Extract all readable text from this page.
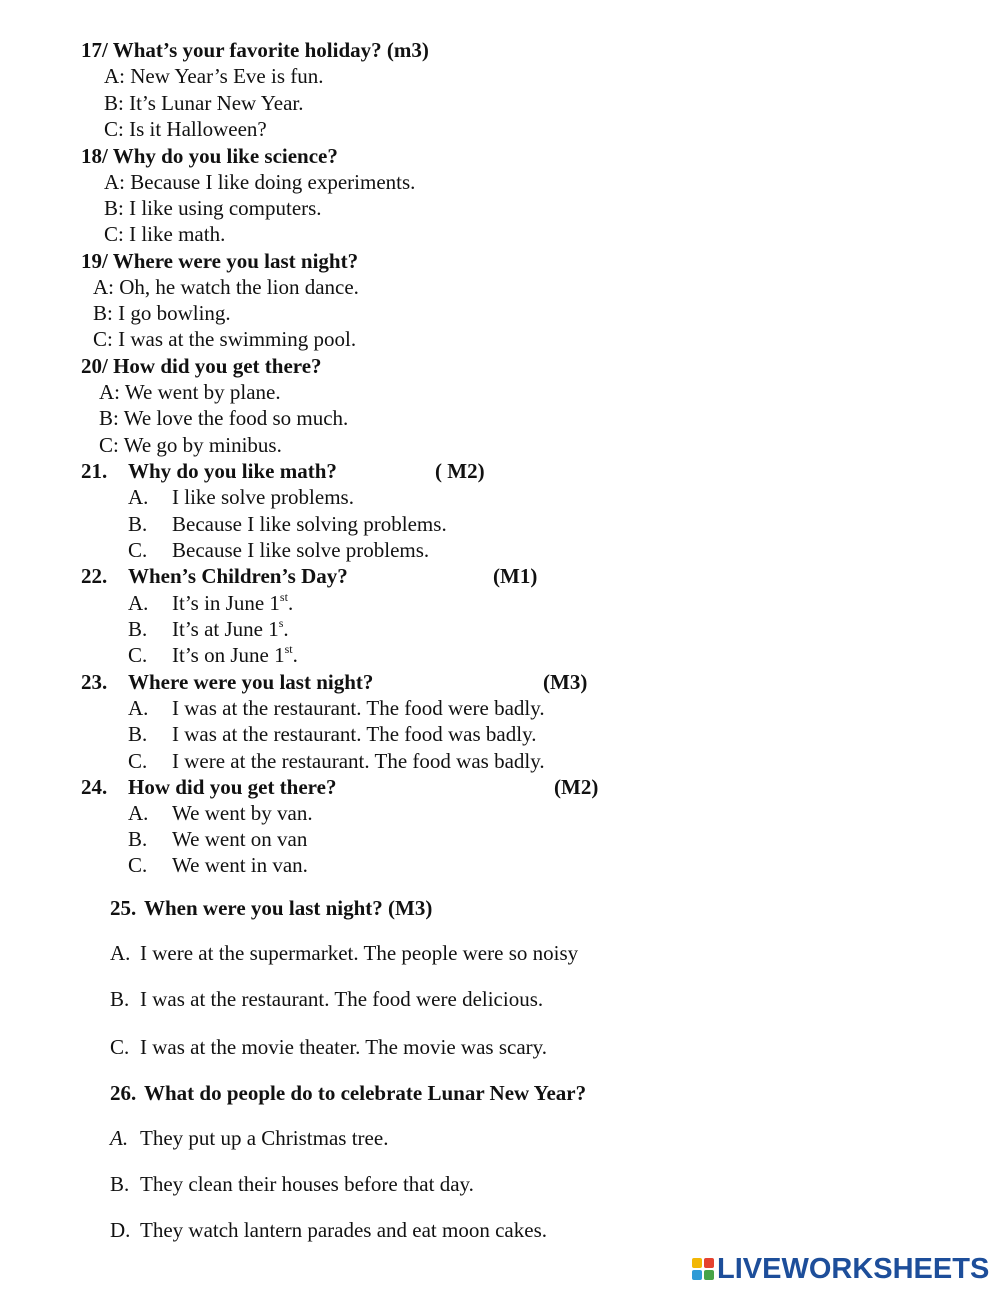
17/ What’s your favorite holiday? (m3)
A: New Year’s Eve is fun.
B: It’s Lunar New Year.
C: Is it Halloween?
18/ Why do you like science?
A: Because I like doing experiments.
B: I like using computers.
C: I like math.
19/ Where were you last night?
A: Oh, he watch the lion dance.
B: I go bowling.
C: I was at the swimming pool.
20/ How did you get there?
A: We went by plane.
B: We love the food so much.
C: We go by minibus.
21. Why do you like math?	( M2)
A. I like solve problems.
B. Because I like solving problems.
C. Because I like solve problems.
22. When’s Children’s Day?	(M1)
A. It’s in June 1st.
B. It’s at June 1$^s$.
C. It’s on June 1st.
23. Where were you last night?	(M3)
A. I was at the restaurant. The food were badly.
B. I was at the restaurant. The food was badly.
C. I were at the restaurant. The food was badly.
24. How did you get there?	(M2)
A. We went by van.
B. We went on van
C. We went in van.
25. When were you last night? (M3)
A. I were at the supermarket. The people were so noisy
B. I was at the restaurant. The food were delicious.
C. I was at the movie theater. The movie was scary.
26. What do people do to celebrate Lunar New Year?
A. They put up a Christmas tree.
B. They clean their houses before that day.
D. They watch lantern parades and eat moon cakes.
LIVEWORKSHEETS
